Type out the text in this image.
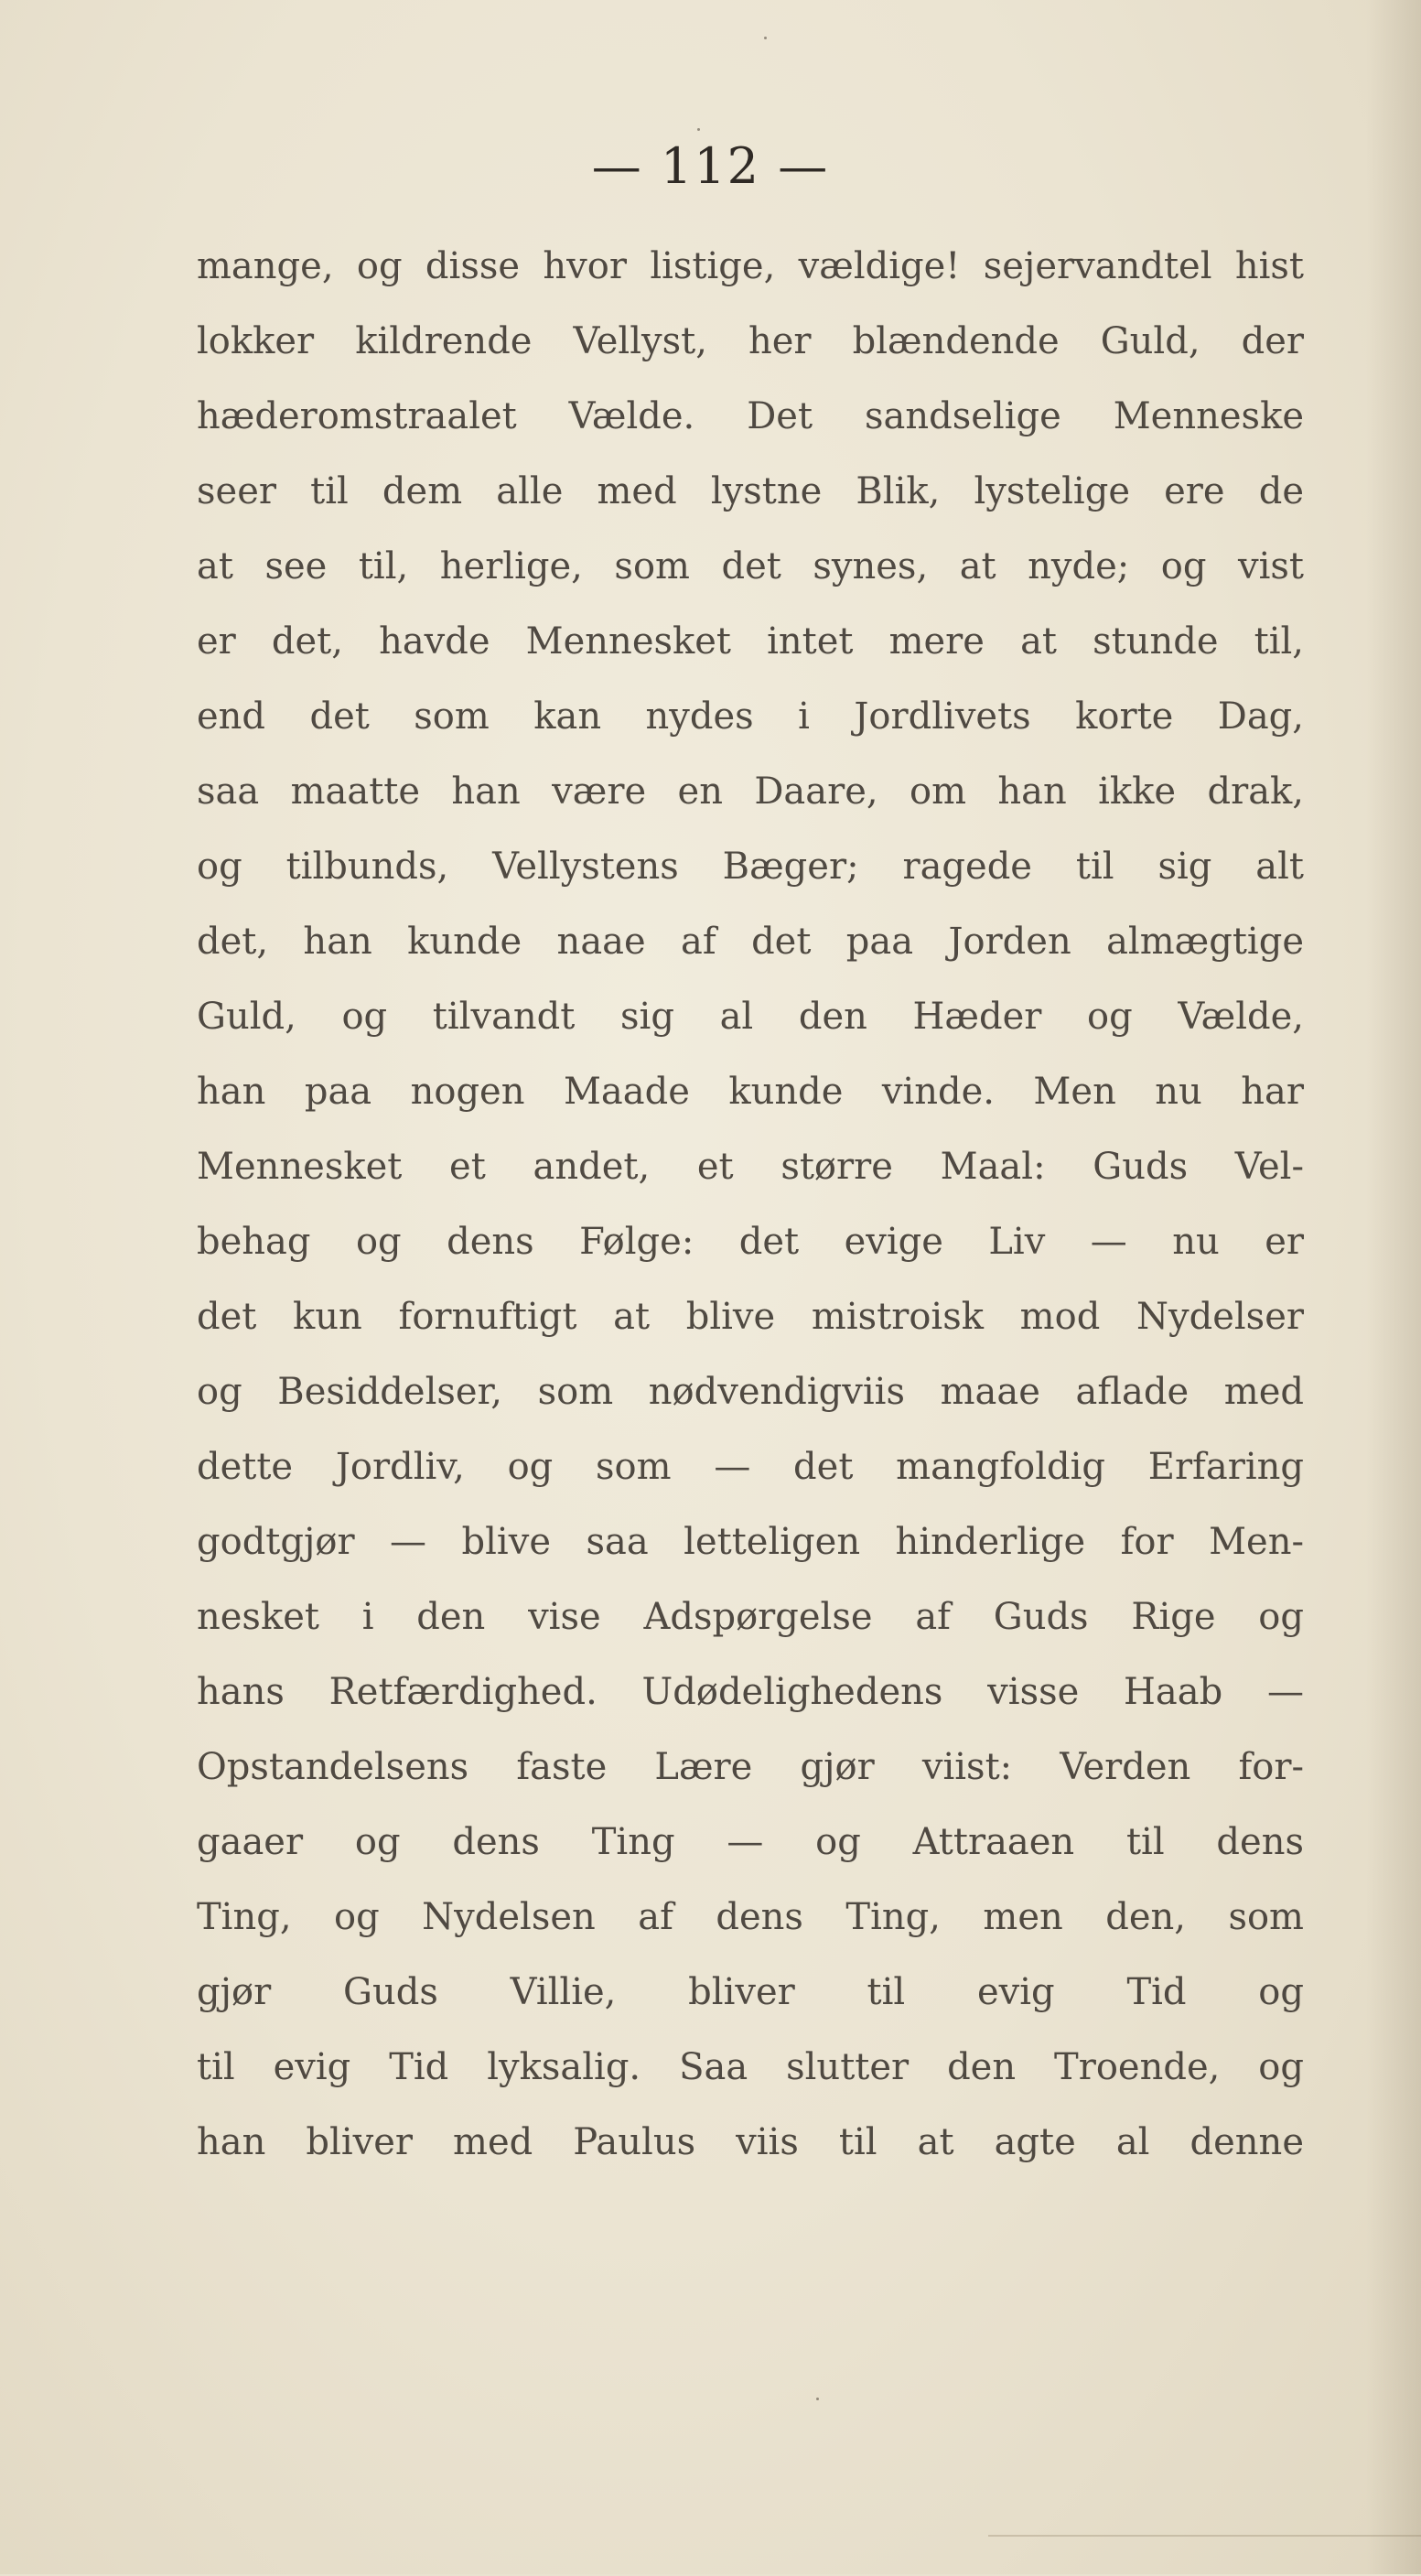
— 112 —
mange, og disse hvor listige, vældige! sejervandtel hist
lokker kildrende Vellyst, her blændende Guld, der
hæderomstraalet Vælde. Det sandselige Menneske
seer til dem alle med lystne Blik, lystelige ere de
at see til, herlige, som det synes, at nyde; og vist
er det, havde Mennesket intet mere at stunde til,
end det som kan nydes i Jordlivets korte Dag,
saa maatte han være en Daare, om han ikke drak,
og tilbunds, Vellystens Bæger; ragede til sig alt
det, han kunde naae af det paa Jorden almægtige
Guld, og tilvandt sig al den Hæder og Vælde,
han paa nogen Maade kunde vinde. Men nu har
Mennesket et andet, et større Maal: Guds Vel-
behag og dens Følge: det evige Liv — nu er
det kun fornuftigt at blive mistroisk mod Nydelser
og Besiddelser, som nødvendigviis maae aflade med
dette Jordliv, og som — det mangfoldig Erfaring
godtgjør — blive saa letteligen hinderlige for Men-
nesket i den vise Adspørgelse af Guds Rige og
hans Retfærdighed. Udødelighedens visse Haab —
Opstandelsens faste Lære gjør viist: Verden for-
gaaer og dens Ting — og Attraaen til dens
Ting, og Nydelsen af dens Ting, men den, som
gjør Guds Villie, bliver til evig Tid og
til evig Tid lyksalig. Saa slutter den Troende, og
han bliver med Paulus viis til at agte al denne
